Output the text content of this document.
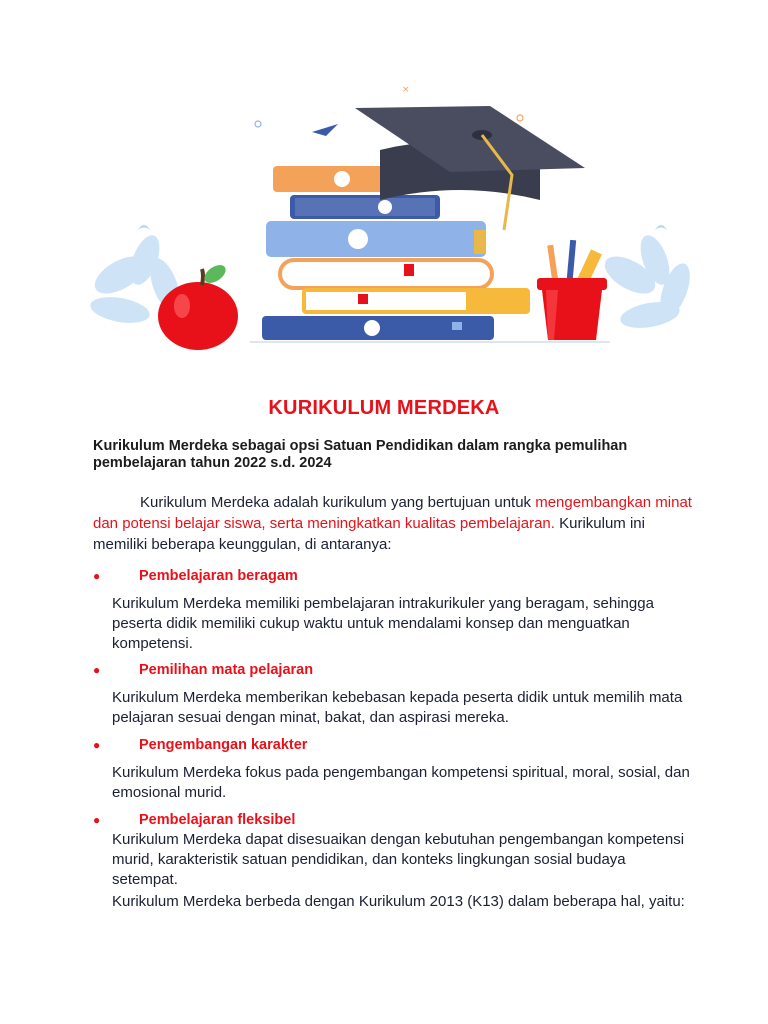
×
KURIKULUM MERDEKA
Kurikulum Merdeka sebagai opsi Satuan Pendidikan dalam rangka pemulihan pembelajaran tahun 2022 s.d. 2024
Kurikulum Merdeka adalah kurikulum yang bertujuan untuk mengembangkan minat dan potensi belajar siswa, serta meningkatkan kualitas pembelajaran. Kurikulum ini memiliki beberapa keunggulan, di antaranya:
●	Pembelajaran beragam
Kurikulum Merdeka memiliki pembelajaran intrakurikuler yang beragam, sehingga peserta didik memiliki cukup waktu untuk mendalami konsep dan menguatkan kompetensi.
●	Pemilihan mata pelajaran
Kurikulum Merdeka memberikan kebebasan kepada peserta didik untuk memilih mata pelajaran sesuai dengan minat, bakat, dan aspirasi mereka.
●	Pengembangan karakter
Kurikulum Merdeka fokus pada pengembangan kompetensi spiritual, moral, sosial, dan emosional murid.
●	Pembelajaran fleksibel
Kurikulum Merdeka dapat disesuaikan dengan kebutuhan pengembangan kompetensi murid, karakteristik satuan pendidikan, dan konteks lingkungan sosial budaya setempat.
Kurikulum Merdeka berbeda dengan Kurikulum 2013 (K13) dalam beberapa hal, yaitu:
